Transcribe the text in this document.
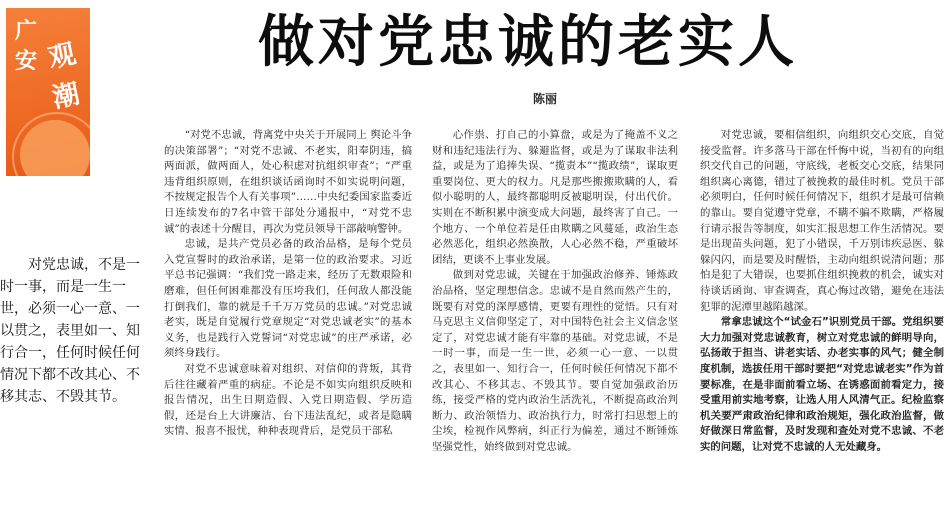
广
安 观
潮
做对党忠诚的老实人
陈丽
对党忠诚，不是一时一事，而是一生一世，必须一心一意、一以贯之，表里如一、知行合一，任何时候任何情况下都不改其心、不移其志、不毁其节。

“对党不忠诚，背离党中央关于开展同上 舆论斗争的决策部署”；“对党不忠诚、不老实，阳奉阴违，搞两面派，做两面人，处心积虑对抗组织审查”；“严重违背组织原则，在组织谈话函询时不如实说明问题，不按规定报告个人有关事项”……中央纪委国家监委近日连续发布的7名中管干部处分通报中，“对党不忠诚”的表述十分醒目，再次为党员领导干部敲响警钟。

忠诚，是共产党员必备的政治品格，是每个党员入党宣誓时的政治承诺，是第一位的政治要求。习近平总书记强调：“我们党一路走来，经历了无数艰险和磨难，但任何困难都没有压垮我们，任何敌人都没能打倒我们，靠的就是千千万万党员的忠诚。”对党忠诚老实，既是自觉履行党章规定“对党忠诚老实”的基本义务，也是践行入党誓词“对党忠诚”的庄严承诺，必须终身践行。

对党不忠诚意味着对组织、对信仰的背叛，其背后往往藏着严重的病症。不论是不如实向组织反映和报告情况，出生日期造假、入党日期造假、学历造假，还是台上大讲廉洁、台下违法乱纪，或者是隐瞒实情、报喜不报忧，种种表现背后，是党员干部私

心作祟、打自己的小算盘，或是为了掩盖不义之财和违纪违法行为、躲避监督，或是为了谋取非法利益，或是为了追捧失误、“揽责本”“揽政绩”，谋取更重要岗位、更大的权力。凡是那些搬搬欺瞒的人，看似小聪明的人，最终都聪明反被聪明误，付出代价。实则在不断积累中演变成大问题，最终害了自己。一个地方、一个单位若是任由欺瞒之风蔓延，政治生态必然恶化，组织必然涣散，人心必然不稳，严重破坏团结，更谈不上事业发展。

做到对党忠诚，关键在于加强政治修养、锤炼政治品格，坚定理想信念。忠诚不是自然而然产生的，既要有对党的深厚感情，更要有理性的觉悟。只有对马克思主义信仰坚定了，对中国特色社会主义信念坚定了，对党忠诚才能有牢靠的基础。对党忠诚，不是一时一事，而是一生一世，必须一心一意、一以贯之，表里如一、知行合一，任何时候任何情况下都不改其心、不移其志、不毁其节。要自觉加强政治历练，接受严格的党内政治生活洗礼，不断提高政治判断力、政治领悟力、政治执行力，时常打扫思想上的尘埃，检视作风弊病，纠正行为偏差，通过不断锤炼坚强党性，始终做到对党忠诚。

对党忠诚，要相信组织，向组织交心交底，自觉接受监督。许多落马干部在忏悔中说，当初有的向组织交代自己的问题，守底线，老板交心交底，结果同组织离心离德，错过了被挽救的最佳时机。党员干部必须明白，任何时候任何情况下，组织才是最可信赖的靠山。要自觉遵守党章，不瞒不骗不欺瞒，严格履行请示报告等制度，如实汇报思想工作生活情况。要是出现苗头问题，犯了小错误，千万别讳疾忌医、躲躲闪闪，而是要及时醒悟，主动向组织说清问题；那怕是犯了大错误，也要抓住组织挽救的机会，诚实对待谈话函询、审查调查，真心悔过改错，避免在违法犯罪的泥潭里越陷越深。

常拿忠诚这个“试金石”识别党员干部。党组织要大力加强对党忠诚教育，树立对党忠诚的鲜明导向，弘扬敢于担当、讲老实话、办老实事的风气；健全制度机制，选拔任用干部时要把“对党忠诚老实”作为首要标准，在是非面前看立场、在诱惑面前看定力，接受重用前实地考察，让选人用人风清气正。纪检监察机关要严肃政治纪律和政治规矩，强化政治监督，做好做深日常监督，及时发现和查处对党不忠诚、不老实的问题，让对党不忠诚的人无处藏身。
